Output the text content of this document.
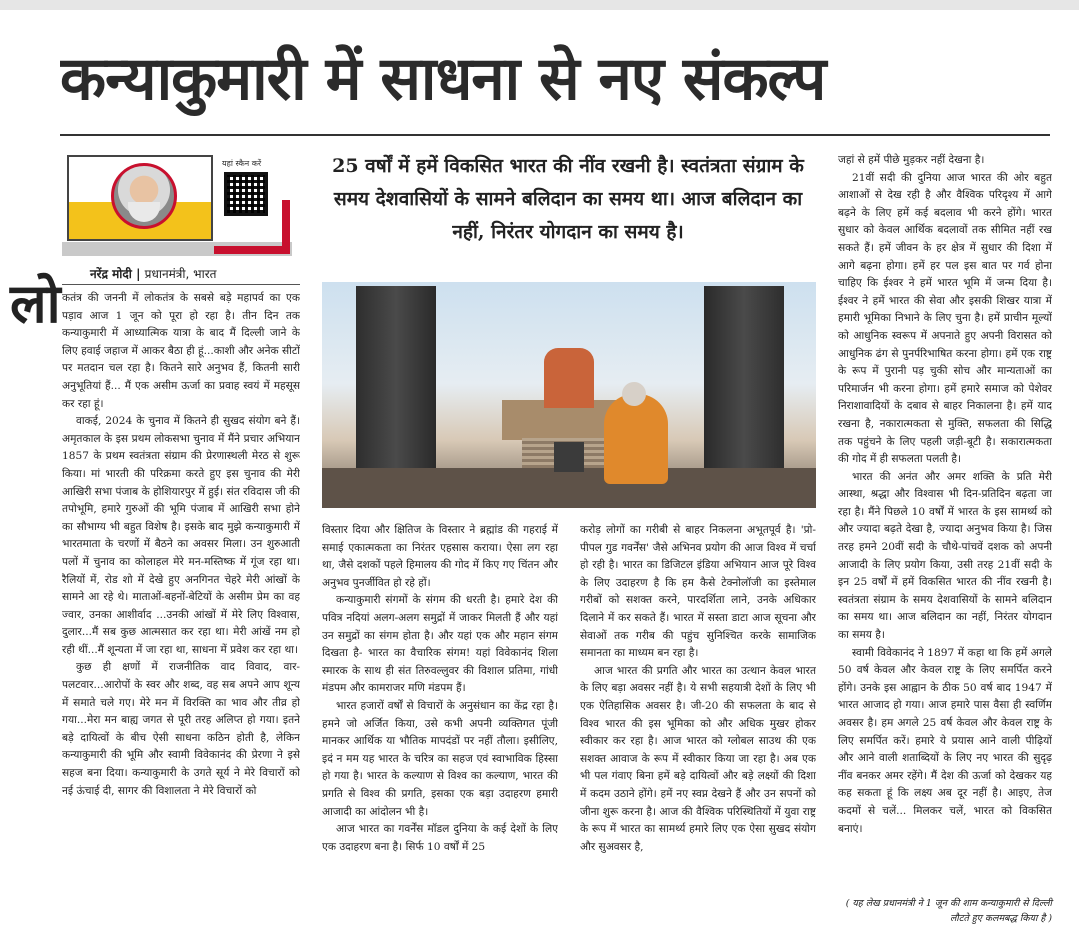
कन्याकुमारी में साधना से नए संकल्प
यहां स्कैन करें
नरेंद्र मोदी | प्रधानमंत्री, भारत
लो कतंत्र की जननी में लोकतंत्र के सबसे बड़े महापर्व का एक पड़ाव आज 1 जून को पूरा हो रहा है। तीन दिन तक कन्याकुमारी में आध्यात्मिक यात्रा के बाद मैं दिल्ली जाने के लिए हवाई जहाज में आकर बैठा ही हूं...काशी और अनेक सीटों पर मतदान चल रहा है। कितने सारे अनुभव हैं, कितनी सारी अनुभूतियां हैं... मैं एक असीम ऊर्जा का प्रवाह स्वयं में महसूस कर रहा हूं।

वाकई, 2024 के चुनाव में कितने ही सुखद संयोग बने हैं। अमृतकाल के इस प्रथम लोकसभा चुनाव में मैंने प्रचार अभियान 1857 के प्रथम स्वतंत्रता संग्राम की प्रेरणास्थली मेरठ से शुरू किया। मां भारती की परिक्रमा करते हुए इस चुनाव की मेरी आखिरी सभा पंजाब के होशियारपुर में हुई। संत रविदास जी की तपोभूमि, हमारे गुरुओं की भूमि पंजाब में आखिरी सभा होने का सौभाग्य भी बहुत विशेष है। इसके बाद मुझे कन्याकुमारी में भारतमाता के चरणों में बैठने का अवसर मिला। उन शुरुआती पलों में चुनाव का कोलाहल मेरे मन-मस्तिष्क में गूंज रहा था। रैलियों में, रोड शो में देखे हुए अनगिनत चेहरे मेरी आंखों के सामने आ रहे थे। माताओं-बहनों-बेटियों के असीम प्रेम का वह ज्वार, उनका आशीर्वाद ...उनकी आंखों में मेरे लिए विश्वास, दुलार...मैं सब कुछ आत्मसात कर रहा था। मेरी आंखें नम हो रही थीं...मैं शून्यता में जा रहा था, साधना में प्रवेश कर रहा था।

कुछ ही क्षणों में राजनीतिक वाद विवाद, वार-पलटवार...आरोपों के स्वर और शब्द, वह सब अपने आप शून्य में समाते चले गए। मेरे मन में विरक्ति का भाव और तीव्र हो गया...मेरा मन बाह्य जगत से पूरी तरह अलिप्त हो गया। इतने बड़े दायित्वों के बीच ऐसी साधना कठिन होती है, लेकिन कन्याकुमारी की भूमि और स्वामी विवेकानंद की प्रेरणा ने इसे सहज बना दिया। कन्याकुमारी के उगते सूर्य ने मेरे विचारों को नई ऊंचाई दी, सागर की विशालता ने मेरे विचारों को

25 वर्षों में हमें विकसित भारत की नींव रखनी है। स्वतंत्रता संग्राम के समय देशवासियों के सामने बलिदान का समय था। आज बलिदान का नहीं, निरंतर योगदान का समय है।

विस्तार दिया और क्षितिज के विस्तार ने ब्रह्मांड की गहराई में समाई एकात्मकता का निरंतर एहसास कराया। ऐसा लग रहा था, जैसे दशकों पहले हिमालय की गोद में किए गए चिंतन और अनुभव पुनर्जीवित हो रहे हों।

कन्याकुमारी संगमों के संगम की धरती है। हमारे देश की पवित्र नदियां अलग-अलग समुद्रों में जाकर मिलती हैं और यहां उन समुद्रों का संगम होता है। और यहां एक और महान संगम दिखता है- भारत का वैचारिक संगम! यहां विवेकानंद शिला स्मारक के साथ ही संत तिरुवल्लुवर की विशाल प्रतिमा, गांधी मंडपम और कामराजर मणि मंडपम हैं।

भारत हजारों वर्षों से विचारों के अनुसंधान का केंद्र रहा है। हमने जो अर्जित किया, उसे कभी अपनी व्यक्तिगत पूंजी मानकर आर्थिक या भौतिक मापदंडों पर नहीं तौला। इसीलिए, इदं न मम यह भारत के चरित्र का सहज एवं स्वाभाविक हिस्सा हो गया है। भारत के कल्याण से विश्व का कल्याण, भारत की प्रगति से विश्व की प्रगति, इसका एक बड़ा उदाहरण हमारी आजादी का आंदोलन भी है।

आज भारत का गवर्नेंस मॉडल दुनिया के कई देशों के लिए एक उदाहरण बना है। सिर्फ 10 वर्षों में 25

करोड़ लोगों का गरीबी से बाहर निकलना अभूतपूर्व है। 'प्रो-पीपल गुड गवर्नेंस' जैसे अभिनव प्रयोग की आज विश्व में चर्चा हो रही है। भारत का डिजिटल इंडिया अभियान आज पूरे विश्व के लिए उदाहरण है कि हम कैसे टेक्नोलॉजी का इस्तेमाल गरीबों को सशक्त करने, पारदर्शिता लाने, उनके अधिकार दिलाने में कर सकते हैं। भारत में सस्ता डाटा आज सूचना और सेवाओं तक गरीब की पहुंच सुनिश्चित करके सामाजिक समानता का माध्यम बन रहा है।

आज भारत की प्रगति और भारत का उत्थान केवल भारत के लिए बड़ा अवसर नहीं है। ये सभी सहयात्री देशों के लिए भी एक ऐतिहासिक अवसर है। जी-20 की सफलता के बाद से विश्व भारत की इस भूमिका को और अधिक मुखर होकर स्वीकार कर रहा है। आज भारत को ग्लोबल साउथ की एक सशक्त आवाज के रूप में स्वीकार किया जा रहा है। अब एक भी पल गंवाए बिना हमें बड़े दायित्वों और बड़े लक्ष्यों की दिशा में कदम उठाने होंगे। हमें नए स्वप्न देखने हैं और उन सपनों को जीना शुरू करना है। आज की वैश्विक परिस्थितियों में युवा राष्ट्र के रूप में भारत का सामर्थ्य हमारे लिए एक ऐसा सुखद संयोग और सुअवसर है,

जहां से हमें पीछे मुड़कर नहीं देखना है।

21वीं सदी की दुनिया आज भारत की ओर बहुत आशाओं से देख रही है और वैश्विक परिदृश्य में आगे बढ़ने के लिए हमें कई बदलाव भी करने होंगे। भारत सुधार को केवल आर्थिक बदलावों तक सीमित नहीं रख सकते हैं। हमें जीवन के हर क्षेत्र में सुधार की दिशा में आगे बढ़ना होगा। हमें हर पल इस बात पर गर्व होना चाहिए कि ईश्वर ने हमें भारत भूमि में जन्म दिया है। ईश्वर ने हमें भारत की सेवा और इसकी शिखर यात्रा में हमारी भूमिका निभाने के लिए चुना है। हमें प्राचीन मूल्यों को आधुनिक स्वरूप में अपनाते हुए अपनी विरासत को आधुनिक ढंग से पुनर्परिभाषित करना होगा। हमें एक राष्ट्र के रूप में पुरानी पड़ चुकी सोच और मान्यताओं का परिमार्जन भी करना होगा। हमें हमारे समाज को पेशेवर निराशावादियों के दबाव से बाहर निकालना है। हमें याद रखना है, नकारात्मकता से मुक्ति, सफलता की सिद्धि तक पहुंचने के लिए पहली जड़ी-बूटी है। सकारात्मकता की गोद में ही सफलता पलती है।

भारत की अनंत और अमर शक्ति के प्रति मेरी आस्था, श्रद्धा और विश्वास भी दिन-प्रतिदिन बढ़ता जा रहा है। मैंने पिछले 10 वर्षों में भारत के इस सामर्थ्य को और ज्यादा बढ़ते देखा है, ज्यादा अनुभव किया है। जिस तरह हमने 20वीं सदी के चौथे-पांचवें दशक को अपनी आजादी के लिए प्रयोग किया, उसी तरह 21वीं सदी के इन 25 वर्षों में हमें विकसित भारत की नींव रखनी है। स्वतंत्रता संग्राम के समय देशवासियों के सामने बलिदान का समय था। आज बलिदान का नहीं, निरंतर योगदान का समय है।

स्वामी विवेकानंद ने 1897 में कहा था कि हमें अगले 50 वर्ष केवल और केवल राष्ट्र के लिए समर्पित करने होंगे। उनके इस आह्वान के ठीक 50 वर्ष बाद 1947 में भारत आजाद हो गया। आज हमारे पास वैसा ही स्वर्णिम अवसर है। हम अगले 25 वर्ष केवल और केवल राष्ट्र के लिए समर्पित करें। हमारे ये प्रयास आने वाली पीढ़ियों और आने वाली शताब्दियों के लिए नए भारत की सुदृढ़ नींव बनकर अमर रहेंगे। मैं देश की ऊर्जा को देखकर यह कह सकता हूं कि लक्ष्य अब दूर नहीं है। आइए, तेज कदमों से चलें... मिलकर चलें, भारत को विकसित बनाएं।

( यह लेख प्रधानमंत्री ने 1 जून की शाम कन्याकुमारी से दिल्ली लौटते हुए कलमबद्ध किया है )
